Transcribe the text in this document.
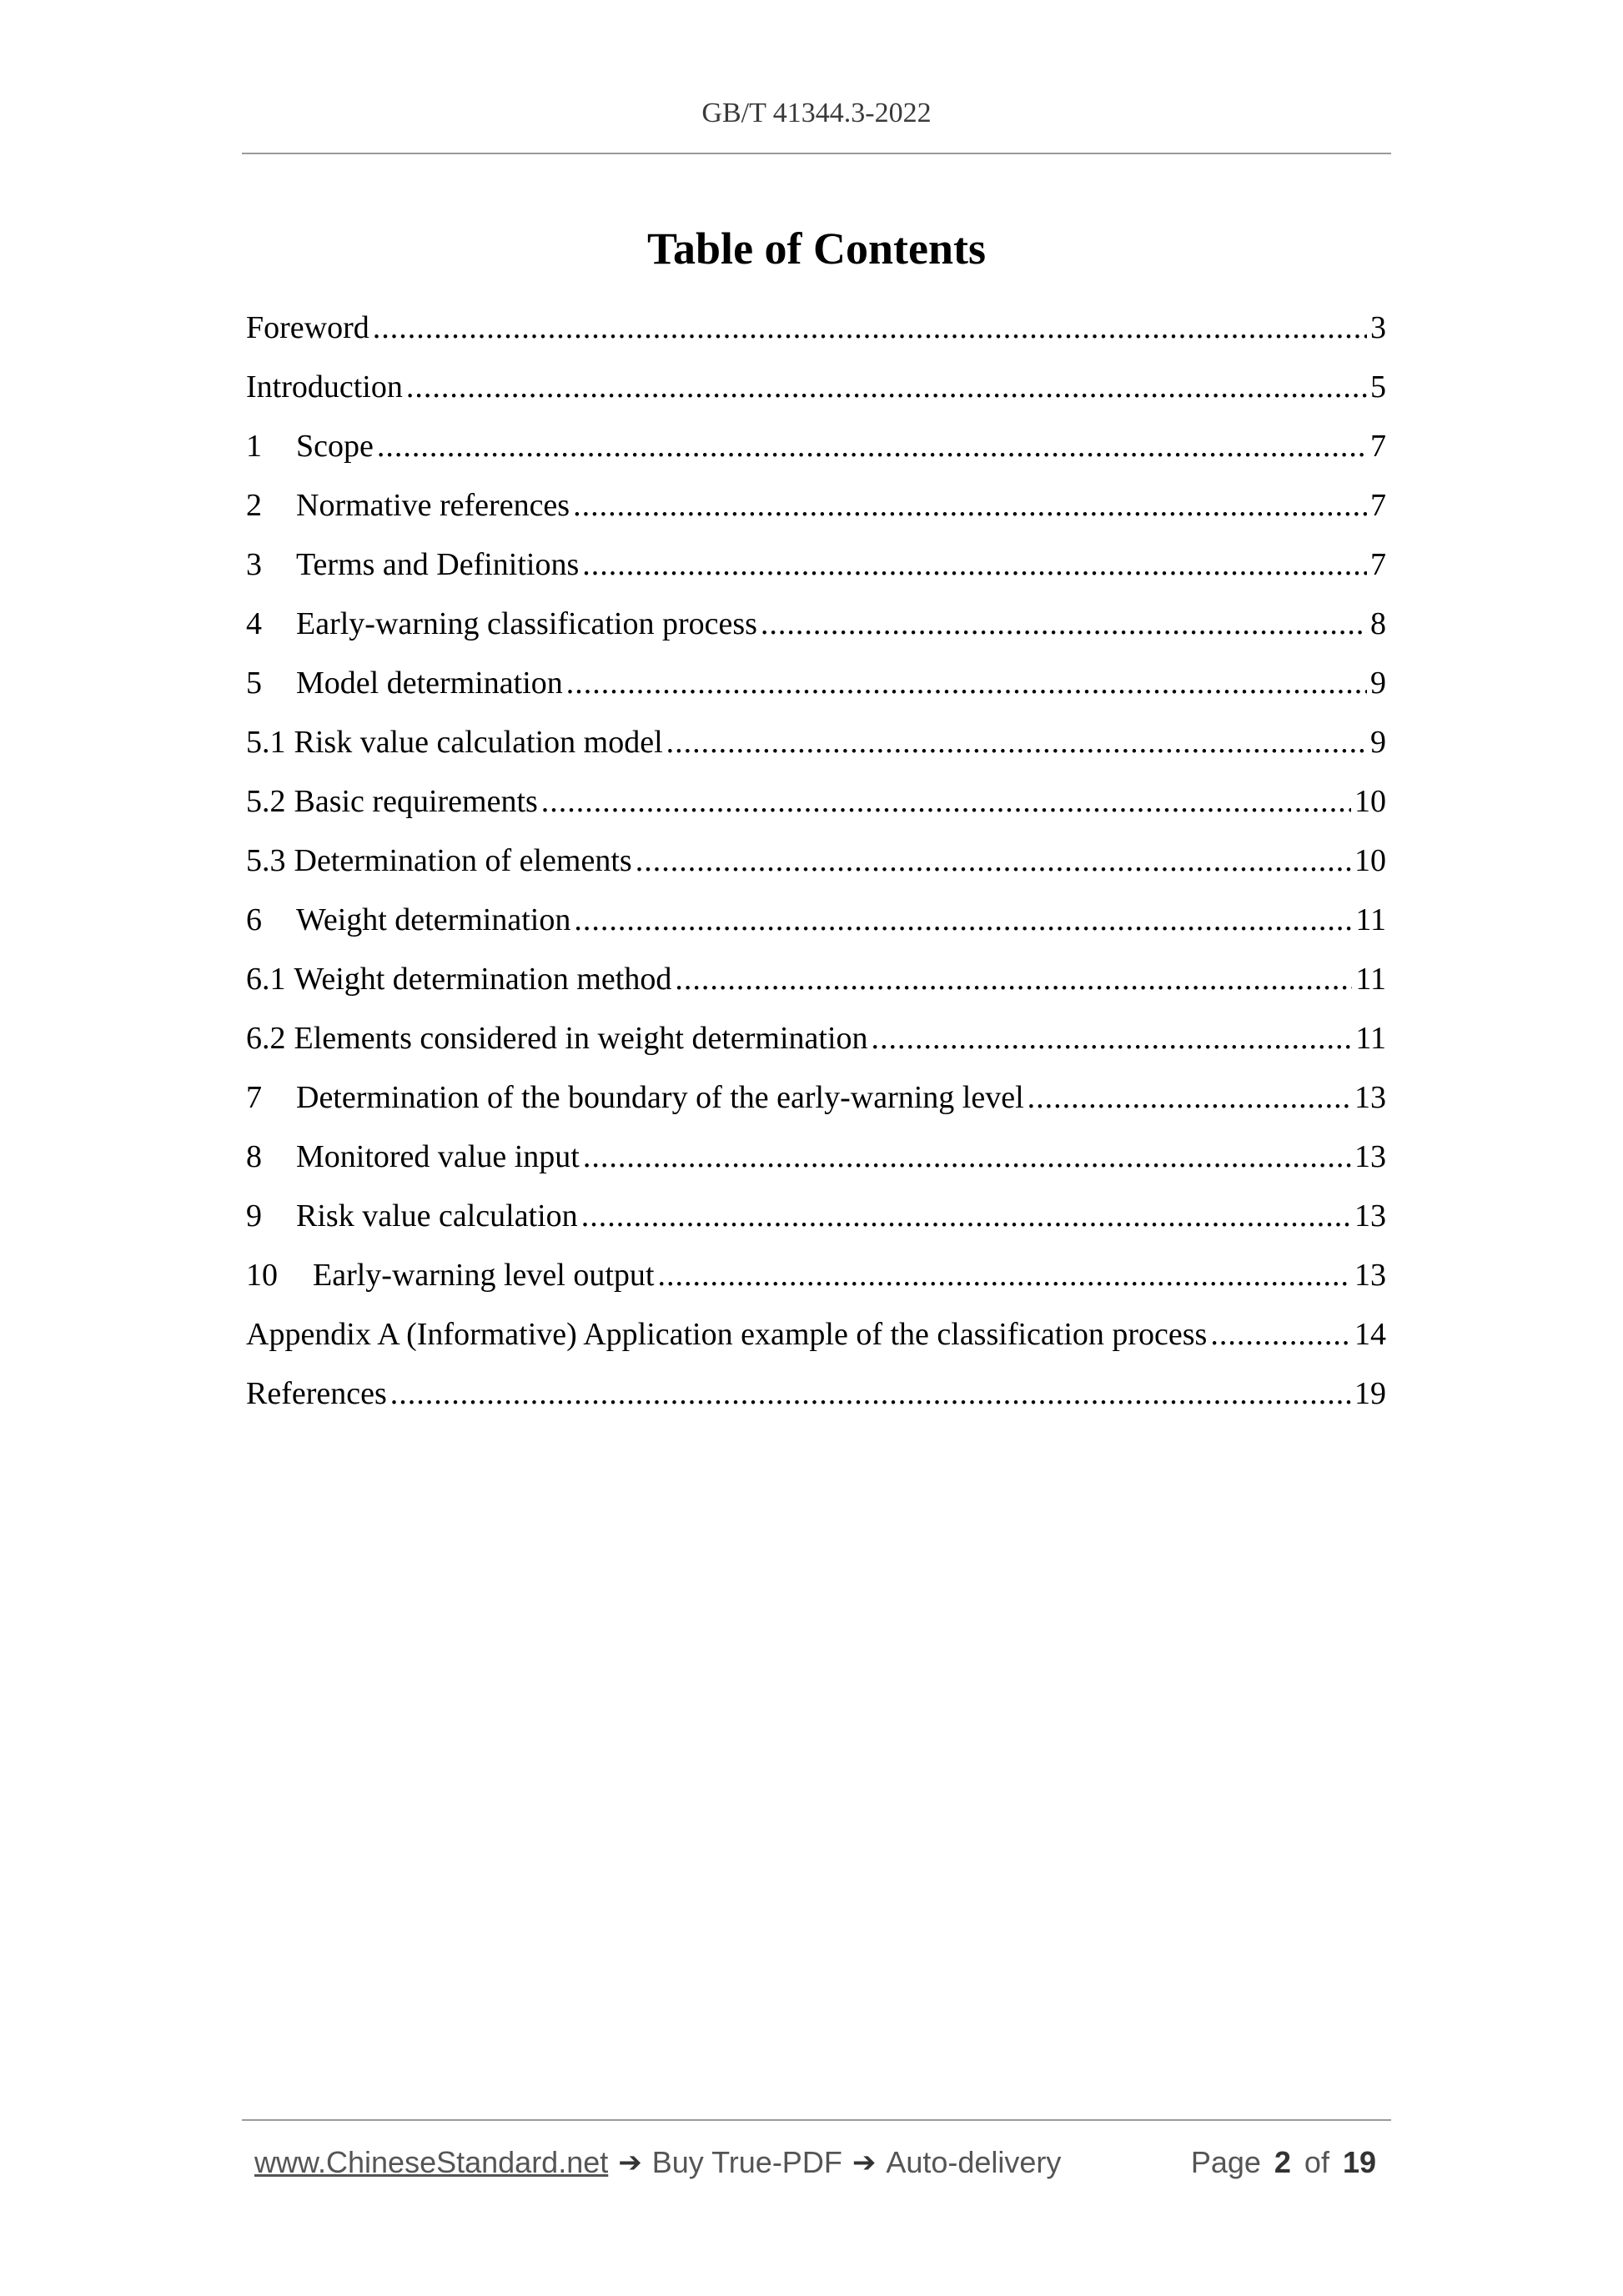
GB/T 41344.3-2022
Table of Contents
Foreword .....	3
Introduction .....	5
1	Scope .....	7
2	Normative references .....	7
3	Terms and Definitions .....	7
4	Early-warning classification process .....	8
5	Model determination .....	9
5.1 Risk value calculation model .....	9
5.2 Basic requirements .....	10
5.3 Determination of elements .....	10
6	Weight determination .....	11
6.1 Weight determination method .....	11
6.2 Elements considered in weight determination .....	11
7	Determination of the boundary of the early-warning level .....	13
8	Monitored value input .....	13
9	Risk value calculation .....	13
10	Early-warning level output .....	13
Appendix A (Informative) Application example of the classification process .....	14
References .....	19
www.ChineseStandard.net ➔ Buy True-PDF ➔ Auto-delivery	Page 2 of 19
